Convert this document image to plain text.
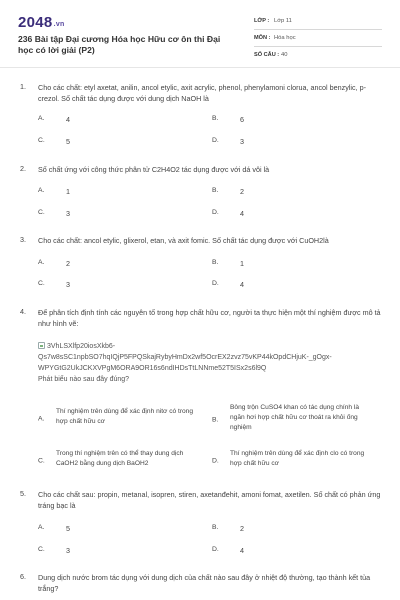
2048.vn
236 Bài tập Đại cương Hóa học Hữu cơ ôn thi Đại học có lời giải (P2)
LỚP : Lớp 11
MÔN : Hóa học
SỐ CÂU : 40
1. Cho các chất: etyl axetat, anilin, ancol etylic, axit acrylic, phenol, phenylamoni clorua, ancol benzylic, p-crezol. Số chất tác dụng được với dung dịch NaOH là
A.	4	B.	6
C.	5	D.	3
2. Số chất ứng với công thức phân tử C2H4O2 tác dụng được với dá vôi là
A.	1	B.	2
C.	3	D.	4
3. Cho các chất: ancol etylic, glixerol, etan, và axit fomic. Số chất tác dụng được với CuOH2là
A.	2	B.	1
C.	3	D.	4
4. Để phân tích định tính các nguyên tố trong hợp chất hữu cơ, người ta thực hiện một thí nghiệm được mô tả như hình vẽ:
3VhLSXlfp20iosXkb6-
Qs7w8sSC1npbSO7hqIQjP5FPQSkajRybyHmDx2wf5OcrEX2zvz75vKP44kOpdCHjuK-_gOgx-
WPYGtG2UkJCKXVPgM6ORA9OR16s6ndIHDsTtLNNme52T5ISx2s6l9Q
Phát biểu nào sau đây đúng?
A.
Thí nghiệm trên dùng để xác định nitơ có trong hợp chất hữu cơ	B.
Bông trộn CuSO4 khan có tác dụng chính là ngăn hơi hợp chất hữu cơ thoát ra khỏi ống nghiệm
C.
Trong thí nghiệm trên có thể thay dung dịch CaOH2 bằng dung dịch BaOH2	D.
Thí nghiệm trên dùng để xác định clo có trong hợp chất hữu cơ
5. Cho các chất sau: propin, metanal, isopren, stiren, axetanđehit, amoni fomat, axetilen. Số chất có phản ứng tráng bạc là
A.	5	B.	2
C.	3	D.	4
6. Dung dịch nước brom tác dụng với dung dịch của chất nào sau đây ở nhiệt độ thường, tạo thành kết tủa trắng?
